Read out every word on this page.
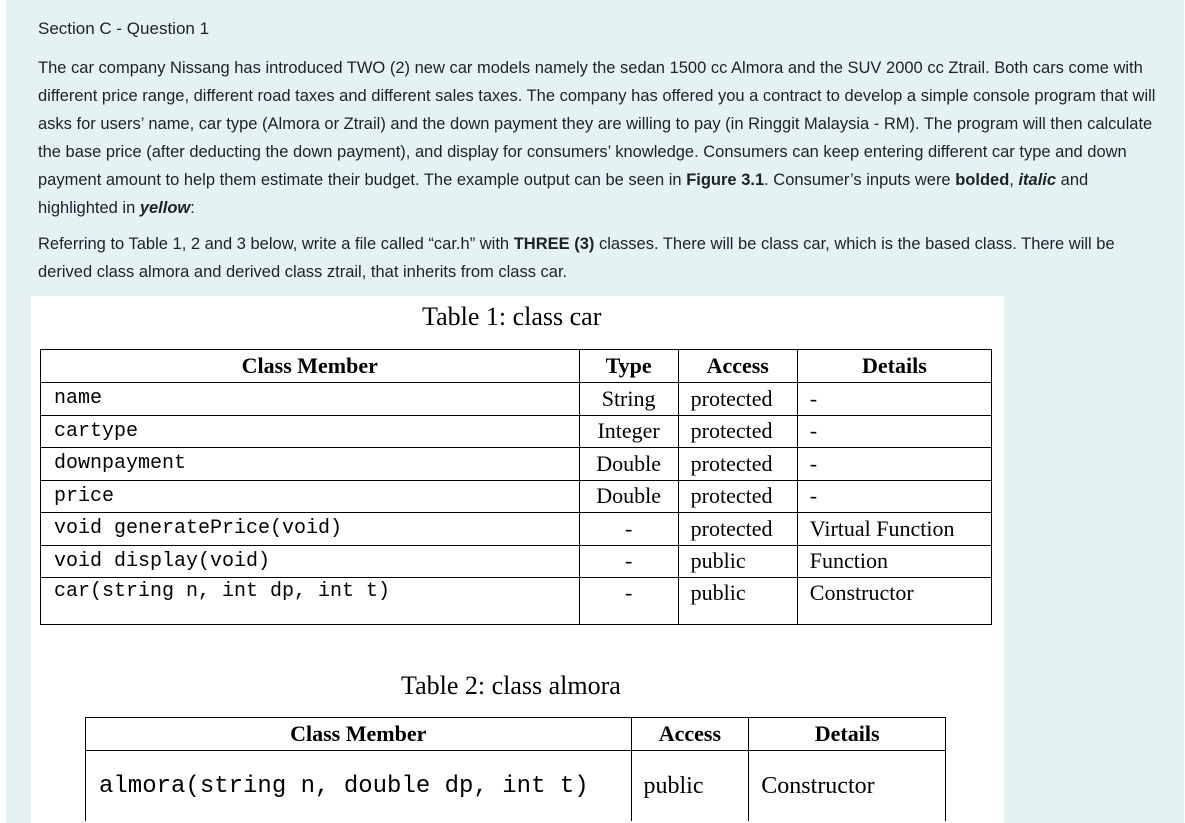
Section C - Question 1
The car company Nissang has introduced TWO (2) new car models namely the sedan 1500 cc Almora and the SUV 2000 cc Ztrail. Both cars come with different price range, different road taxes and different sales taxes. The company has offered you a contract to develop a simple console program that will asks for users’ name, car type (Almora or Ztrail) and the down payment they are willing to pay (in Ringgit Malaysia - RM). The program will then calculate the base price (after deducting the down payment), and display for consumers’ knowledge. Consumers can keep entering different car type and down payment amount to help them estimate their budget. The example output can be seen in Figure 3.1. Consumer’s inputs were bolded, italic and highlighted in yellow:
Referring to Table 1, 2 and 3 below, write a file called “car.h” with THREE (3) classes. There will be class car, which is the based class. There will be derived class almora and derived class ztrail, that inherits from class car.
Table 1: class car
Class Member	Type	Access	Details
name	String	protected	-
cartype	Integer	protected	-
downpayment	Double	protected	-
price	Double	protected	-
void generatePrice(void)	-	protected	Virtual Function
void display(void)	-	public	Function
car(string n, int dp, int t)	-	public	Constructor
Table 2: class almora
Class Member	Access	Details
almora(string n, double dp, int t)	public	Constructor
